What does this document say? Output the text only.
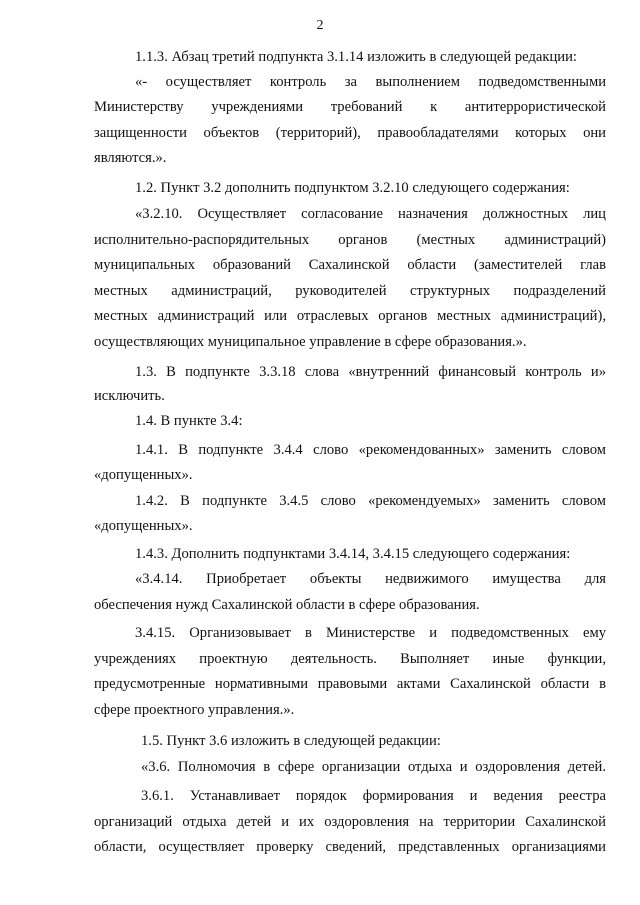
2
1.1.3. Абзац третий подпункта 3.1.14 изложить в следующей редакции:
«- осуществляет контроль за выполнением подведомственными
Министерству учреждениями требований к антитеррористической
защищенности объектов (территорий), правообладателями которых они
являются.».
1.2. Пункт 3.2 дополнить подпунктом 3.2.10 следующего содержания:
«3.2.10. Осуществляет согласование назначения должностных лиц
исполнительно-распорядительных органов (местных администраций)
муниципальных образований Сахалинской области (заместителей глав
местных администраций, руководителей структурных подразделений
местных администраций или отраслевых органов местных администраций),
осуществляющих муниципальное управление в сфере образования.».
1.3. В подпункте 3.3.18 слова «внутренний финансовый контроль и»
исключить.
1.4. В пункте 3.4:
1.4.1. В подпункте 3.4.4 слово «рекомендованных» заменить словом
«допущенных».
1.4.2. В подпункте 3.4.5 слово «рекомендуемых» заменить словом
«допущенных».
1.4.3. Дополнить подпунктами 3.4.14, 3.4.15 следующего содержания:
«3.4.14. Приобретает объекты недвижимого имущества для
обеспечения нужд Сахалинской области в сфере образования.
3.4.15. Организовывает в Министерстве и подведомственных ему
учреждениях проектную деятельность. Выполняет иные функции,
предусмотренные нормативными правовыми актами Сахалинской области в
сфере проектного управления.».
1.5. Пункт 3.6 изложить в следующей редакции:
«3.6. Полномочия в сфере организации отдыха и оздоровления детей.
3.6.1. Устанавливает порядок формирования и ведения реестра
организаций отдыха детей и их оздоровления на территории Сахалинской
области, осуществляет проверку сведений, представленных организациями
